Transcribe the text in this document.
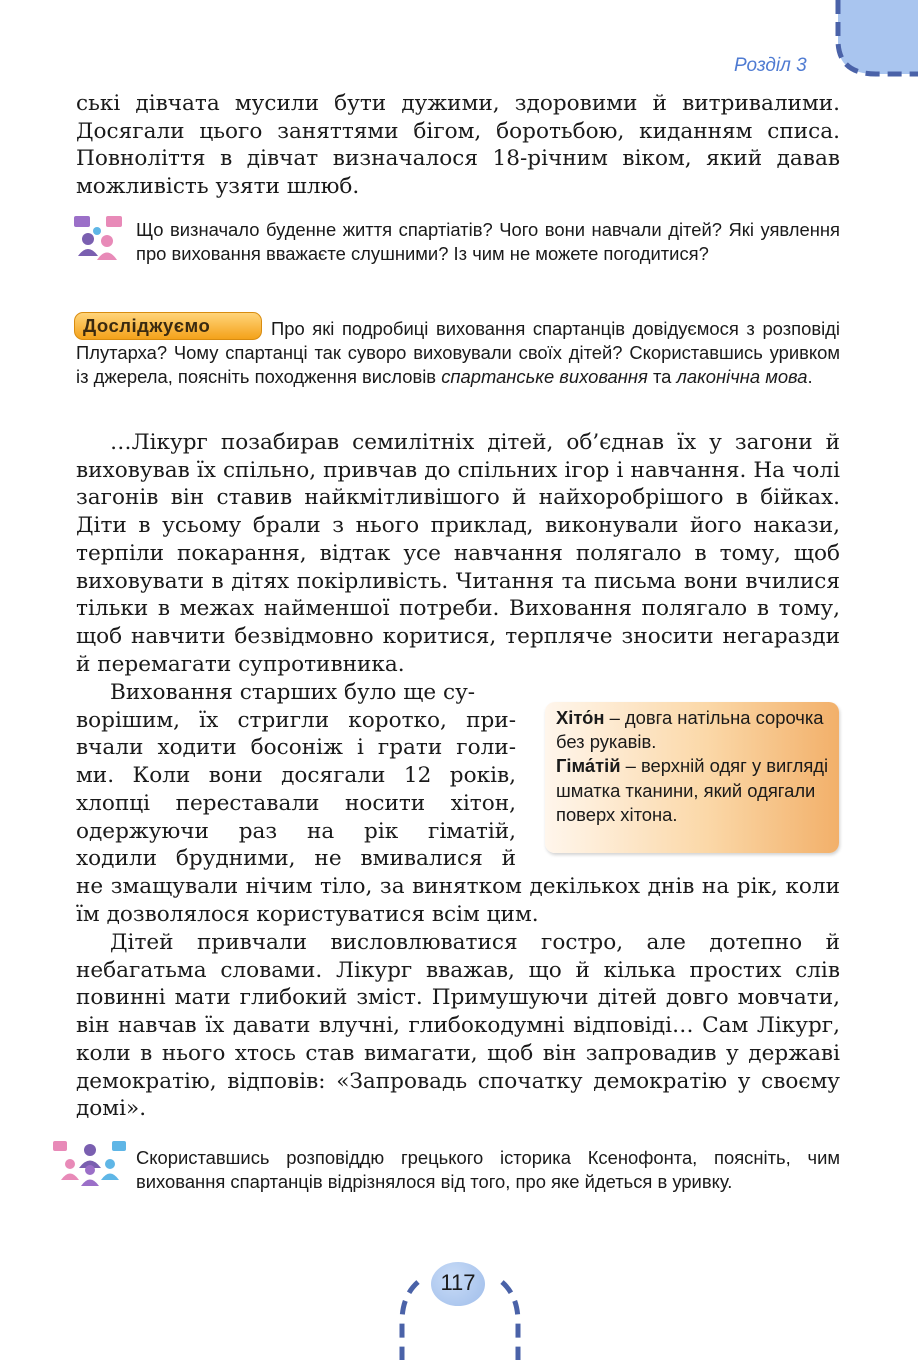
Розділ 3

ські дівчата мусили бути дужими, здоровими й витривалими. Досягали цього заняттями бігом, боротьбою, киданням списа. Повноліття в дівчат визначалося 18-річним віком, який давав можливість узяти шлюб.

Що визначало буденне життя спартіатів? Чого вони навчали дітей? Які уявлення про виховання вважаєте слушними? Із чим не можете погодитися?

Досліджуємо	Про які подробиці виховання спартанців довідуємося з розповіді Плутарха? Чому спартанці так суворо виховували своїх дітей? Скориставшись уривком із джерела, поясніть походження висловів спартанське виховання та лаконічна мова.

…Лікург позабирав семилітніх дітей, об’єднав їх у загони й виховував їх спільно, привчав до спільних ігор і навчання. На чолі загонів він ставив найкмітливішого й найхоробрішого в бійках. Діти в усьому брали з нього приклад, виконували його накази, терпіли покарання, відтак усе навчання полягало в тому, щоб виховувати в дітях покірливість. Читання та письма вони вчилися тільки в межах найменшої потреби. Виховання полягало в тому, щоб навчити безвідмовно коритися, терпляче зносити негаразди й перемагати супротивника.

Виховання старших було ще су-
ворішим, їх стригли коротко, при-
вчали ходити босоніж і грати голи-
ми. Коли вони досягали 12 років,
хлопці переставали носити хітон,
одержуючи раз на рік гіматій,
ходили брудними, не вмивалися й

не змащували нічим тіло, за винятком декількох днів на рік, коли їм дозволялося користуватися всім цим.

Хіто́н – довга натільна сорочка без рукавів.
Гіма́тій – верхній одяг у вигляді шматка тканини, який одягали поверх хітона.

Дітей привчали висловлюватися гостро, але дотепно й небагатьма словами. Лікург вважав, що й кілька простих слів повинні мати глибокий зміст. Примушуючи дітей довго мовчати, він навчав їх давати влучні, глибокодумні відповіді… Сам Лікург, коли в нього хтось став вимагати, щоб він запровадив у державі демократію, відповів: «Запровадь спочатку демократію у своєму домі».

Скориставшись розповіддю грецького історика Ксенофонта, поясніть, чим виховання спартанців відрізнялося від того, про яке йдеться в уривку.

117
